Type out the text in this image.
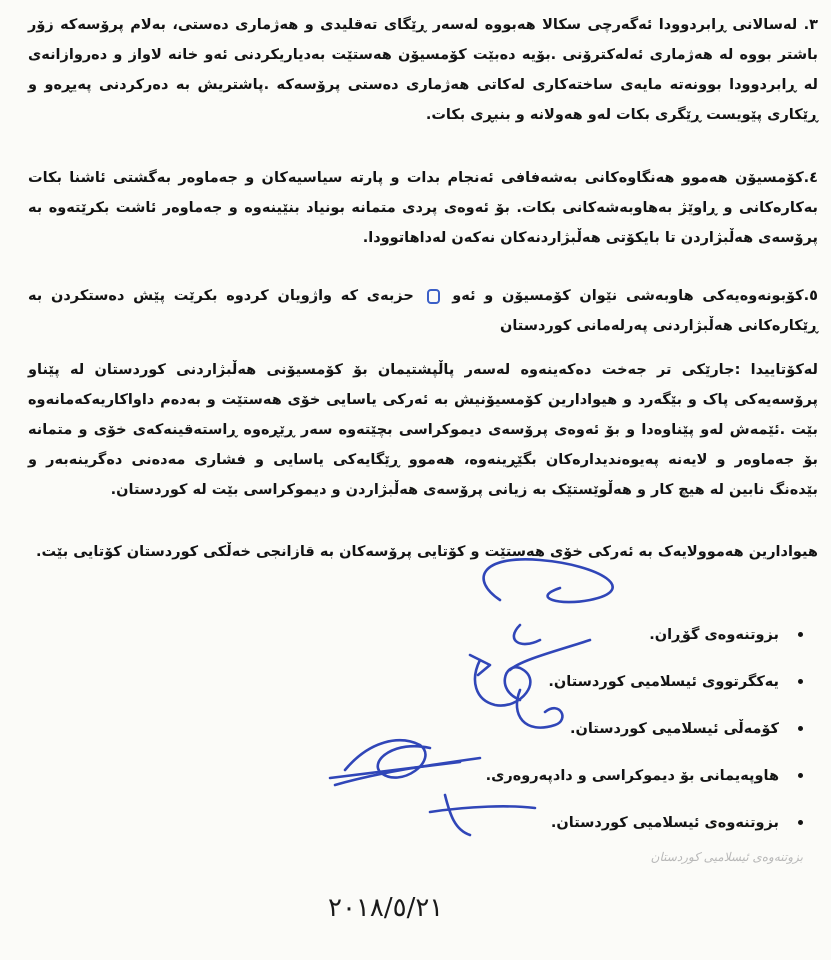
٣. لەسالانی ڕابردوودا ئەگەرچی سکالا هەبووە لەسەر ڕێگای تەقلیدی و هەژماری دەستی، بەلام پرۆسەکە زۆر باشتر بووە لە هەژماری ئەلەکترۆنی .بۆیە دەبێت کۆمسیۆن هەستێت بەدیاریکردنی ئەو خانە لاواز و دەروازانەی لە ڕابردوودا بوونەتە مایەی ساختەکاری لەکاتی هەژماری دەستی پرۆسەکە .پاشتریش بە دەرکردنی پەیڕەو و ڕێکاری پێویست ڕێگری بکات لەو هەولانە و بنبڕی بکات.

٤.کۆمسیۆن هەموو هەنگاوەکانی بەشەفافی ئەنجام بدات و پارتە سیاسیەکان و جەماوەر بەگشتی ئاشنا بکات بەکارەکانی و ڕاوێژ بەهاوبەشەکانی بکات. بۆ ئەوەی پردی متمانە بونیاد بنێینەوە و جەماوەر ئاشت بکرێتەوە بە پرۆسەی هەڵبژاردن تا بایکۆتی هەڵبژاردنەکان نەکەن لەداهاتوودا.

٥.کۆبونەوەیەکی هاوبەشی نێوان کۆمسیۆن و ئەو  حزبەی کە واژویان کردوە بکرێت پێش دەستکردن بە ڕێکارەکانی هەڵبژاردنی پەرلەمانی کوردستان

لەکۆتاییدا :جارێکی تر جەخت دەکەینەوە لەسەر پاڵپشتیمان بۆ کۆمسیۆنی هەڵبژاردنی کوردستان لە پێناو پرۆسەیەکی پاک و بێگەرد و هیوادارین کۆمسیۆنیش بە ئەرکی یاسایی خۆی هەستێت و بەدەم داواکاریەکەمانەوە بێت .ئێمەش لەو پێناوەدا و بۆ ئەوەی پرۆسەی دیموکراسی بچێتەوە سەر ڕێڕەوە ڕاستەقینەکەی خۆی و متمانە بۆ جەماوەر و لایەنە پەیوەندیدارەکان بگێڕینەوە، هەموو ڕێگایەکی یاسایی و فشاری مەدەنی دەگرینەبەر و بێدەنگ نابین لە هیچ کار و هەڵوێستێک بە زیانی پرۆسەی هەڵبژاردن و دیموکراسی بێت لە کوردستان.

هیوادارین هەموولایەک بە ئەرکی خۆی هەستێت و کۆتایی پرۆسەکان بە قازانجی خەڵکی کوردستان کۆتایی بێت.

بزوتنەوەی گۆڕان.
یەکگرتووی ئیسلامیی کوردستان.
کۆمەڵی ئیسلامیی کوردستان.
هاوپەیمانی بۆ دیموکراسی و دادپەروەری.
بزوتنەوەی ئیسلامیی کوردستان.
بزوتنەوەی ئیسلامیی کوردستان
٢٠١٨/٥/٢١
